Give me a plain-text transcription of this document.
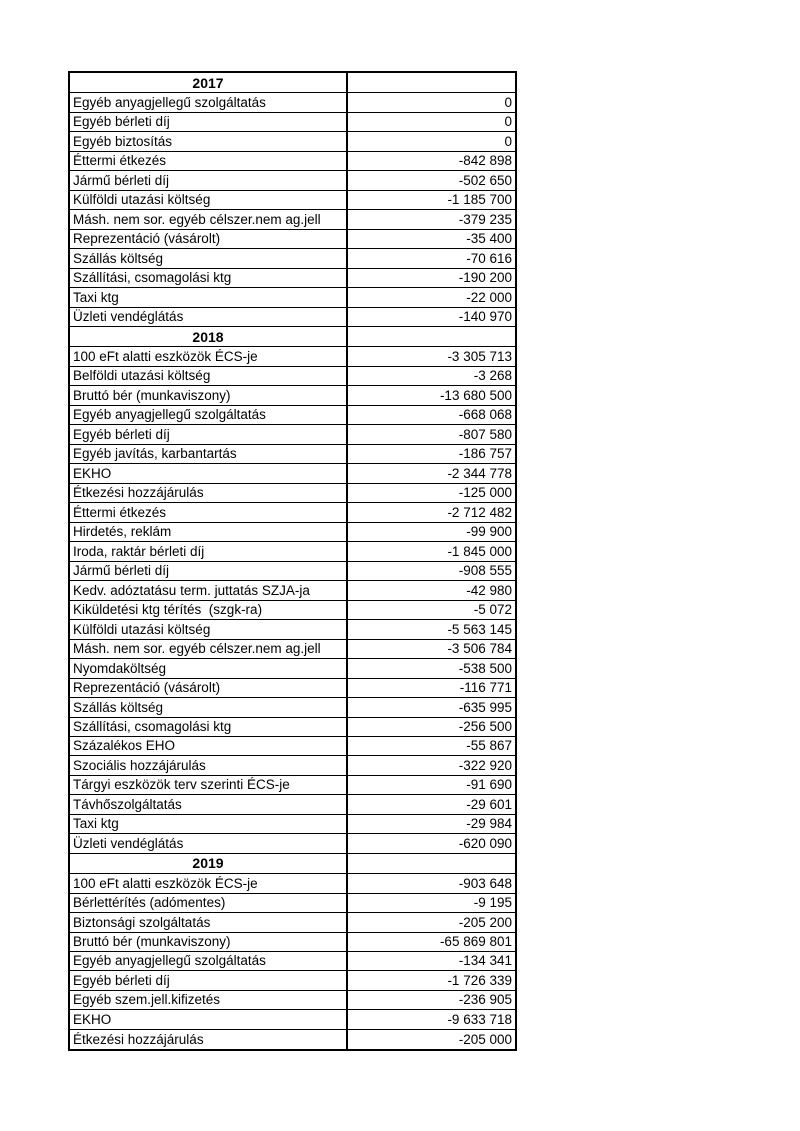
2017	
Egyéb anyagjellegű szolgáltatás	0
Egyéb bérleti díj	0
Egyéb biztosítás	0
Éttermi étkezés	-842 898
Jármű bérleti díj	-502 650
Külföldi utazási költség	-1 185 700
Másh. nem sor. egyéb célszer.nem ag.jell	-379 235
Reprezentáció (vásárolt)	-35 400
Szállás költség	-70 616
Szállítási, csomagolási ktg	-190 200
Taxi ktg	-22 000
Üzleti vendéglátás	-140 970
2018	
100 eFt alatti eszközök ÉCS-je	-3 305 713
Belföldi utazási költség	-3 268
Bruttó bér (munkaviszony)	-13 680 500
Egyéb anyagjellegű szolgáltatás	-668 068
Egyéb bérleti díj	-807 580
Egyéb javítás, karbantartás	-186 757
EKHO	-2 344 778
Étkezési hozzájárulás	-125 000
Éttermi étkezés	-2 712 482
Hirdetés, reklám	-99 900
Iroda, raktár bérleti díj	-1 845 000
Jármű bérleti díj	-908 555
Kedv. adóztatásu term. juttatás SZJA-ja	-42 980
Kiküldetési ktg térítés  (szgk-ra)	-5 072
Külföldi utazási költség	-5 563 145
Másh. nem sor. egyéb célszer.nem ag.jell	-3 506 784
Nyomdaköltség	-538 500
Reprezentáció (vásárolt)	-116 771
Szállás költség	-635 995
Szállítási, csomagolási ktg	-256 500
Százalékos EHO	-55 867
Szociális hozzájárulás	-322 920
Tárgyi eszközök terv szerinti ÉCS-je	-91 690
Távhőszolgáltatás	-29 601
Taxi ktg	-29 984
Üzleti vendéglátás	-620 090
2019	
100 eFt alatti eszközök ÉCS-je	-903 648
Bérlettérítés (adómentes)	-9 195
Biztonsági szolgáltatás	-205 200
Bruttó bér (munkaviszony)	-65 869 801
Egyéb anyagjellegű szolgáltatás	-134 341
Egyéb bérleti díj	-1 726 339
Egyéb szem.jell.kifizetés	-236 905
EKHO	-9 633 718
Étkezési hozzájárulás	-205 000
